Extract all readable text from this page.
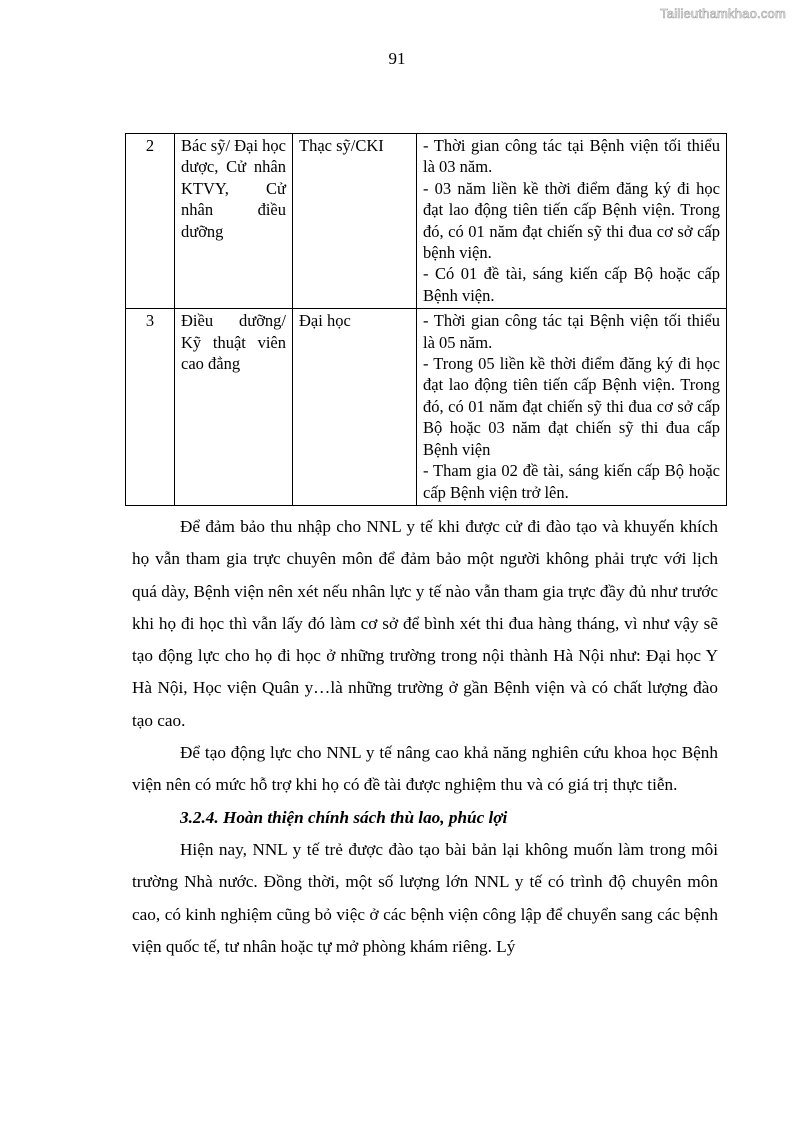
Tailieuthamkhao.com
91
2	Bác sỹ/ Đại học dược, Cử nhân KTVY, Cử nhân điều dưỡng	Thạc sỹ/CKI	- Thời gian công tác tại Bệnh viện tối thiểu là 03 năm.
- 03 năm liền kề thời điểm đăng ký đi học đạt lao động tiên tiến cấp Bệnh viện. Trong đó, có 01 năm đạt chiến sỹ thi đua cơ sở cấp bệnh viện.
- Có 01 đề tài, sáng kiến cấp Bộ hoặc cấp Bệnh viện.

3	Điều dưỡng/ Kỹ thuật viên cao đẳng	Đại học	- Thời gian công tác tại Bệnh viện tối thiểu là 05 năm.
- Trong 05 liền kề thời điểm đăng ký đi học đạt lao động tiên tiến cấp Bệnh viện. Trong đó, có 01 năm đạt chiến sỹ thi đua cơ sở cấp Bộ hoặc 03 năm đạt chiến sỹ thi đua cấp Bệnh viện
- Tham gia 02 đề tài, sáng kiến cấp Bộ hoặc cấp Bệnh viện trở lên.

Để đảm bảo thu nhập cho NNL y tế khi được cử đi đào tạo và khuyến khích họ vẫn tham gia trực chuyên môn để đảm bảo một người không phải trực với lịch quá dày, Bệnh viện nên xét nếu nhân lực y tế nào vẫn tham gia trực đầy đủ như trước khi họ đi học thì vẫn lấy đó làm cơ sở để bình xét thi đua hàng tháng, vì như vậy sẽ tạo động lực cho họ đi học ở những trường trong nội thành Hà Nội như: Đại học Y Hà Nội, Học viện Quân y…là những trường ở gần Bệnh viện và có chất lượng đào tạo cao.

Để tạo động lực cho NNL y tế nâng cao khả năng nghiên cứu khoa học Bệnh viện nên có mức hỗ trợ khi họ có đề tài được nghiệm thu và có giá trị thực tiễn.

3.2.4. Hoàn thiện chính sách thù lao, phúc lợi

Hiện nay, NNL y tế trẻ được đào tạo bài bản lại không muốn làm trong môi trường Nhà nước. Đồng thời, một số lượng lớn NNL y tế có trình độ chuyên môn cao, có kinh nghiệm cũng bỏ việc ở các bệnh viện công lập để chuyển sang các bệnh viện quốc tế, tư nhân hoặc tự mở phòng khám riêng. Lý
